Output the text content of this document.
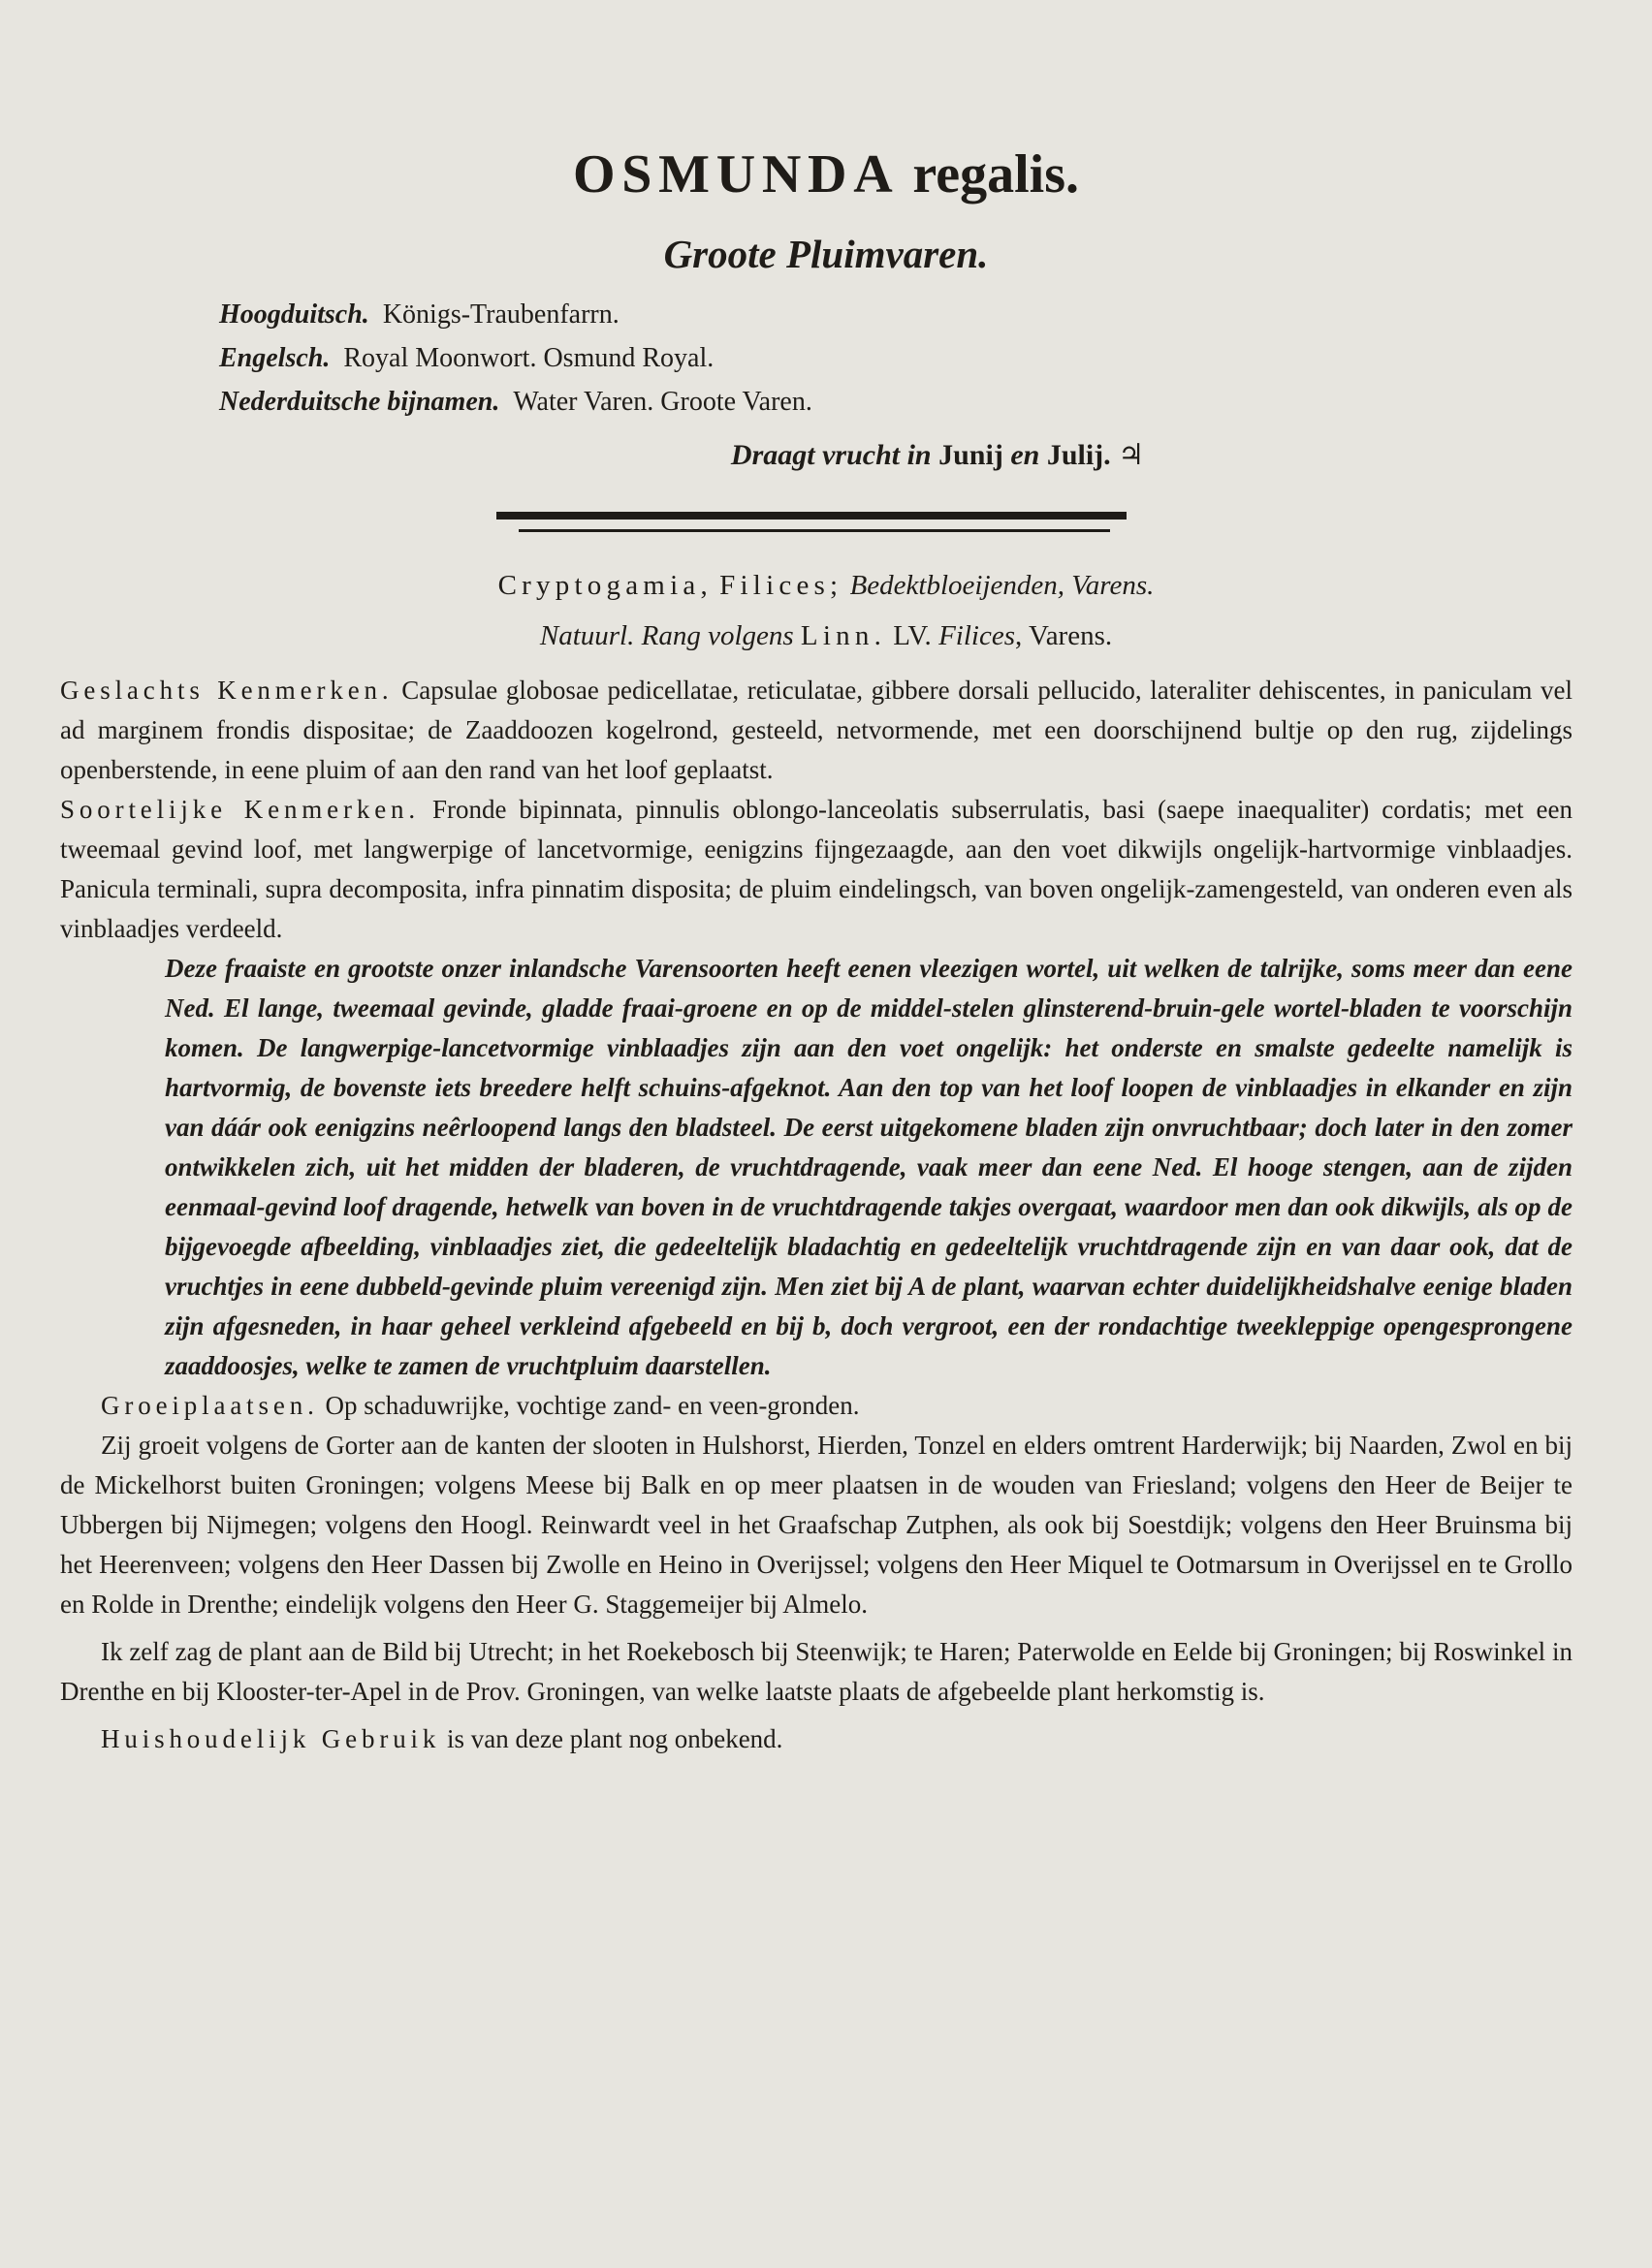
OSMUNDA regalis.
Groote Pluimvaren.
Hoogduitsch. Königs-Traubenfarrn.
Engelsch. Royal Moonwort. Osmund Royal.
Nederduitsche bijnamen. Water Varen. Groote Varen.
Draagt vrucht in Junij en Julij. ♃
Cryptogamia, Filices; Bedektbloeijenden, Varens.
Natuurl. Rang volgens Linn. LV. Filices, Varens.

Geslachts Kenmerken. Capsulae globosae pedicellatae, reticulatae, gibbere dorsali pellucido, lateraliter dehiscentes, in paniculam vel ad marginem frondis dispositae; de Zaaddoozen kogelrond, gesteeld, netvormende, met een doorschijnend bultje op den rug, zijdelings openberstende, in eene pluim of aan den rand van het loof geplaatst.

Soortelijke Kenmerken. Fronde bipinnata, pinnulis oblongo-lanceolatis subserrulatis, basi (saepe inaequaliter) cordatis; met een tweemaal gevind loof, met langwerpige of lancetvormige, eenigzins fijngezaagde, aan den voet dikwijls ongelijk-hartvormige vinblaadjes. Panicula terminali, supra decomposita, infra pinnatim disposita; de pluim eindelingsch, van boven ongelijk-zamengesteld, van onderen even als vinblaadjes verdeeld.

Deze fraaiste en grootste onzer inlandsche Varensoorten heeft eenen vleezigen wortel, uit welken de talrijke, soms meer dan eene Ned. El lange, tweemaal gevinde, gladde fraai-groene en op de middel-stelen glinsterend-bruin-gele wortel-bladen te voorschijn komen. De langwerpige-lancetvormige vinblaadjes zijn aan den voet ongelijk: het onderste en smalste gedeelte namelijk is hartvormig, de bovenste iets breedere helft schuins-afgeknot. Aan den top van het loof loopen de vinblaadjes in elkander en zijn van dáár ook eenigzins neêrloopend langs den bladsteel. De eerst uitgekomene bladen zijn onvruchtbaar; doch later in den zomer ontwikkelen zich, uit het midden der bladeren, de vruchtdragende, vaak meer dan eene Ned. El hooge stengen, aan de zijden eenmaal-gevind loof dragende, hetwelk van boven in de vruchtdragende takjes overgaat, waardoor men dan ook dikwijls, als op de bijgevoegde afbeelding, vinblaadjes ziet, die gedeeltelijk bladachtig en gedeeltelijk vruchtdragende zijn en van daar ook, dat de vruchtjes in eene dubbeld-gevinde pluim vereenigd zijn. Men ziet bij A de plant, waarvan echter duidelijkheidshalve eenige bladen zijn afgesneden, in haar geheel verkleind afgebeeld en bij b, doch vergroot, een der rondachtige tweekleppige opengesprongene zaaddoosjes, welke te zamen de vruchtpluim daarstellen.

Groeiplaatsen. Op schaduwrijke, vochtige zand- en veen-gronden.

Zij groeit volgens de Gorter aan de kanten der slooten in Hulshorst, Hierden, Tonzel en elders omtrent Harderwijk; bij Naarden, Zwol en bij de Mickelhorst buiten Groningen; volgens Meese bij Balk en op meer plaatsen in de wouden van Friesland; volgens den Heer de Beijer te Ubbergen bij Nijmegen; volgens den Hoogl. Reinwardt veel in het Graafschap Zutphen, als ook bij Soestdijk; volgens den Heer Bruinsma bij het Heerenveen; volgens den Heer Dassen bij Zwolle en Heino in Overijssel; volgens den Heer Miquel te Ootmarsum in Overijssel en te Grollo en Rolde in Drenthe; eindelijk volgens den Heer G. Staggemeijer bij Almelo.

Ik zelf zag de plant aan de Bild bij Utrecht; in het Roekebosch bij Steenwijk; te Haren; Paterwolde en Eelde bij Groningen; bij Roswinkel in Drenthe en bij Klooster-ter-Apel in de Prov. Groningen, van welke laatste plaats de afgebeelde plant herkomstig is.

Huishoudelijk Gebruik is van deze plant nog onbekend.
